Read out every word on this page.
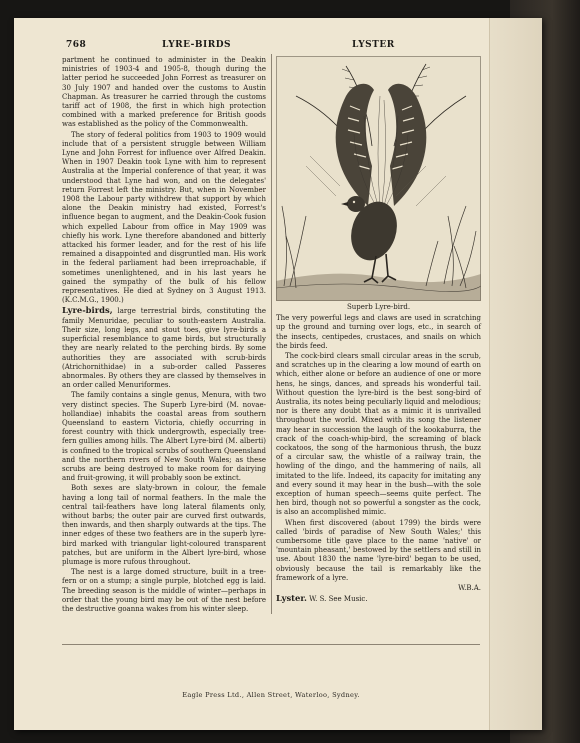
768	LYRE-BIRDS	LYSTER

partment he continued to administer in the Deakin ministries of 1903-4 and 1905-8, though during the latter period he succeeded John Forrest as treasurer on 30 July 1907 and handed over the customs to Austin Chapman. As treasurer he carried through the customs tariff act of 1908, the first in which high protection combined with a marked preference for British goods was established as the policy of the Commonwealth.

The story of federal politics from 1903 to 1909 would include that of a persistent struggle between William Lyne and John Forrest for influence over Alfred Deakin. When in 1907 Deakin took Lyne with him to represent Australia at the Imperial conference of that year, it was understood that Lyne had won, and on the delegates' return Forrest left the ministry. But, when in November 1908 the Labour party withdrew that support by which alone the Deakin ministry had existed, Forrest's influence began to augment, and the Deakin-Cook fusion which expelled Labour from office in May 1909 was chiefly his work. Lyne therefore abandoned and bitterly attacked his former leader, and for the rest of his life remained a disappointed and disgruntled man. His work in the federal parliament had been irreproachable, if sometimes unenlightened, and in his last years he gained the sympathy of the bulk of his fellow representatives. He died at Sydney on 3 August 1913. (K.C.M.G., 1900.)

Lyre-birds, large terrestrial birds, constituting the family Menuridae, peculiar to south-eastern Australia. Their size, long legs, and stout toes, give lyre-birds a superficial resemblance to game birds, but structurally they are nearly related to the perching birds. By some authorities they are associated with scrub-birds (Atrichornithidae) in a sub-order called Passeres abnormales. By others they are classed by themselves in an order called Menuriformes.

The family contains a single genus, Menura, with two very distinct species. The Superb Lyre-bird (M. novae-hollandiae) inhabits the coastal areas from southern Queensland to eastern Victoria, chiefly occurring in forest country with thick undergrowth, especially tree-fern gullies among hills. The Albert Lyre-bird (M. alberti) is confined to the tropical scrubs of southern Queensland and the northern rivers of New South Wales; as these scrubs are being destroyed to make room for dairying and fruit-growing, it will probably soon be extinct.

Both sexes are slaty-brown in colour, the female having a long tail of normal feathers. In the male the central tail-feathers have long lateral filaments only, without barbs; the outer pair are curved first outwards, then inwards, and then sharply outwards at the tips. The inner edges of these two feathers are in the superb lyre-bird marked with triangular light-coloured transparent patches, but are uniform in the Albert lyre-bird, whose plumage is more rufous throughout.

The nest is a large domed structure, built in a tree-fern or on a stump; a single purple, blotched egg is laid. The breeding season is the middle of winter—perhaps in order that the young bird may be out of the nest before the destructive goanna wakes from his winter sleep.

Superb Lyre-bird.

The very powerful legs and claws are used in scratching up the ground and turning over logs, etc., in search of the insects, centipedes, crustaces, and snails on which the birds feed.

The cock-bird clears small circular areas in the scrub, and scratches up in the clearing a low mound of earth on which, either alone or before an audience of one or more hens, he sings, dances, and spreads his wonderful tail. Without question the lyre-bird is the best song-bird of Australia, its notes being peculiarly liquid and melodious; nor is there any doubt that as a mimic it is unrivalled throughout the world. Mixed with its song the listener may hear in succession the laugh of the kookaburra, the crack of the coach-whip-bird, the screaming of black cockatoos, the song of the harmonious thrush, the buzz of a circular saw, the whistle of a railway train, the howling of the dingo, and the hammering of nails, all imitated to the life. Indeed, its capacity for imitating any and every sound it may hear in the bush—with the sole exception of human speech—seems quite perfect. The hen bird, though not so powerful a songster as the cock, is also an accomplished mimic.

When first discovered (about 1799) the birds were called 'birds of paradise of New South Wales;' this cumbersome title gave place to the name 'native' or 'mountain pheasant,' bestowed by the settlers and still in use. About 1830 the name 'lyre-bird' began to be used, obviously because the tail is remarkably like the framework of a lyre.

W.B.A.

Lyster. W. S. See Music.

Eagle Press Ltd., Allen Street, Waterloo, Sydney.
